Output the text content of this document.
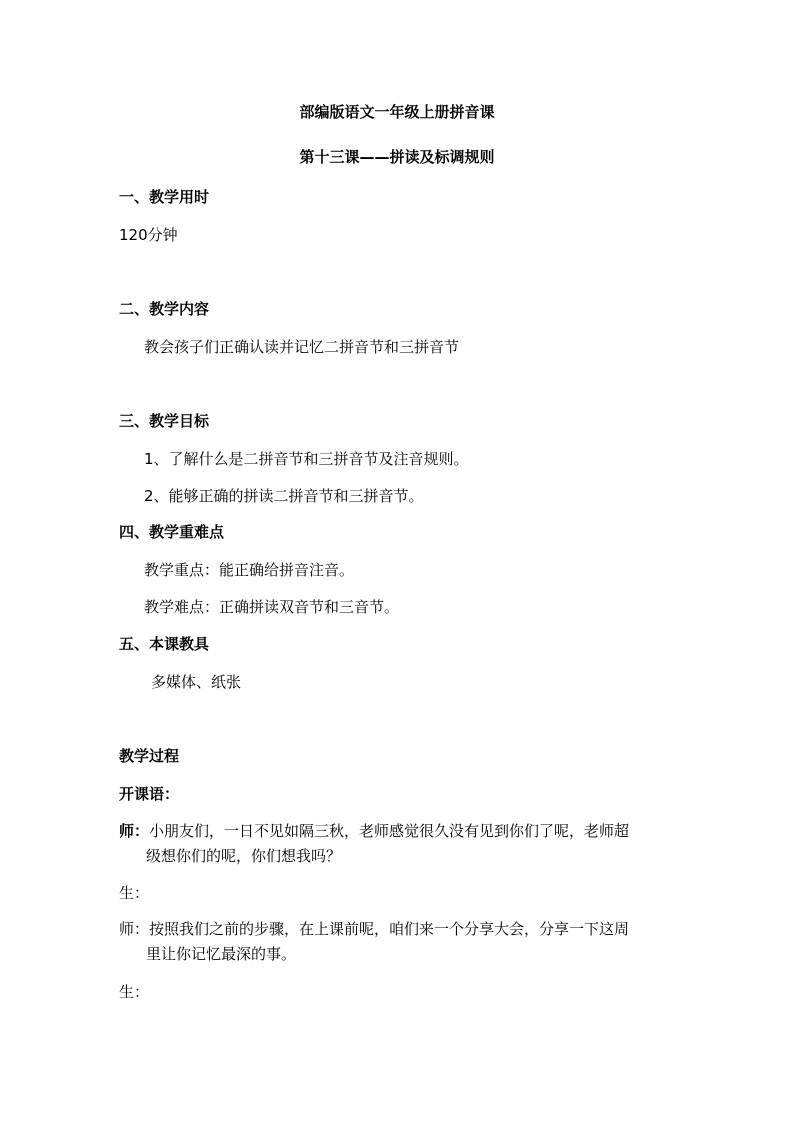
部编版语文一年级上册拼音课
第十三课——拼读及标调规则
一、教学用时
120分钟
二、教学内容
教会孩子们正确认读并记忆二拼音节和三拼音节
三、教学目标
1、了解什么是二拼音节和三拼音节及注音规则。
2、能够正确的拼读二拼音节和三拼音节。
四、教学重难点
教学重点：能正确给拼音注音。
教学难点：正确拼读双音节和三音节。
五、本课教具
多媒体、纸张
教学过程
开课语：
师：小朋友们，一日不见如隔三秋，老师感觉很久没有见到你们了呢，老师超
级想你们的呢，你们想我吗？
生：
师：按照我们之前的步骤，在上课前呢，咱们来一个分享大会，分享一下这周
里让你记忆最深的事。
生：
